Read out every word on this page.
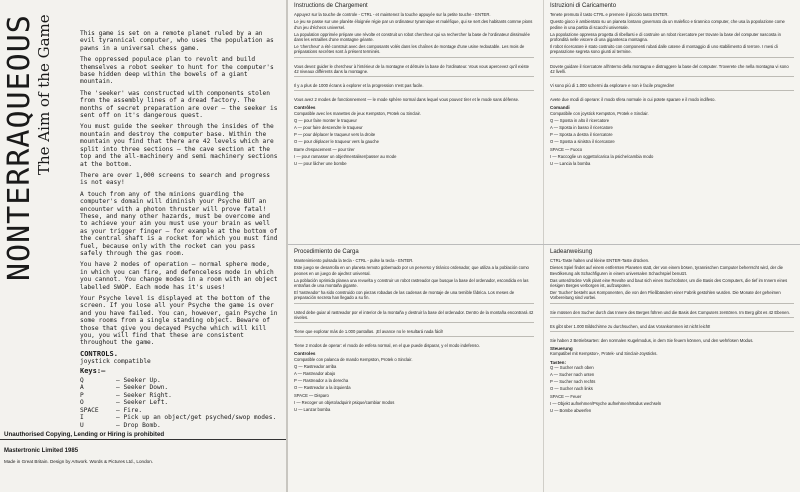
NONTERRAQUEOUS
The Aim of the Game	This game is set on a remote planet ruled by a an evil tyrannical computer, who uses the population as pawns in a universal chess game.

The oppressed populace plan to revolt and build themselves a robot seeker to hunt for the computer's base hidden deep within the bowels of a giant mountain.

The 'seeker' was constructed with components stolen from the assembly lines of a dread factory. The months of secret preparation are over — the seeker is sent off on it's dangerous quest.

You must guide the seeker through the insides of the mountain and destroy the computer base. Within the mountain you find that there are 42 levels which are split into three sections — the cave section at the top and the all-machinery and semi machinery sections at the bottom.

There are over 1,000 screens to search and progress is not easy!

A touch from any of the minions guarding the computer's domain will diminish your Psyche BUT an encounter with a photon thruster will prove fatal! These, and many other hazards, must be overcome and to achieve your aim you must use your brain as well as your trigger finger — for example at the bottom of the central shaft is a rocket for which you must find fuel, because only with the rocket can you pass safely through the gas room.

You have 2 modes of operation — normal sphere mode, in which you can fire, and defenceless mode in which you cannot. You change modes in a room with an object labelled SWOP. Each mode has it's uses!

Your Psyche level is displayed at the bottom of the screen. If you lose all your Psyche the game is over and you have failed. You can, however, gain Psyche in some rooms from a single standing object. Beware of those that give you decayed Psyche which will kill you, you will find that these are consistent throughout the game.

CONTROLS.
joystick compatible
Keys:—
Q	— Seeker Up.
A	— Seeker Down.
P	— Seeker Right.
O	— Seeker Left.
SPACE	— Fire.
I	— Pick up an object/get psyched/swop modes.
U	— Drop Bomb.
Unauthorised Copying, Lending or Hiring is prohibited
Mastertronic Limited 1985
Made in Great Britain. Design by Artwork. Words & Pictures Ltd., London.
Instructions de Chargement

Appuyez sur la touche de controle - CTRL - et maintenez la touche appuyée sur la petite touche - ENTER.

Le jeu se passe sur une planète éloignée régie par un ordinateur tyrannique et maléfique, qui se sert des habitants comme pions d'un jeu d'échecs universel.

La population opprimée prépare une révolte et construit un robot chercheur qui va rechercher la base de l'ordinateur dissimulée dans les entrailles d'une montagne géante.

Le 'chercheur' a été construit avec des composants volés dans les chaînes de montage d'une usine redoutable. Les mois de préparations secrètes sont à présent terminés.

Vous devez guider le chercheur à l'intérieur de la montagne et détruire la base de l'ordinateur. Vous vous apercevez qu'il existe 42 niveaux différents dans la montagne.

Il y a plus de 1000 écrans à explorer et la progression n'est pas facile.

Vous avez 2 modes de fonctionnement — le mode sphère normal dans lequel vous pouvez tirer et le mode sans défense.

Contrôles

Compatible avec les manettes de jeux Kempston, Protek ou Sinclair.

Q — pour faire monter le traqueur

A — pour faire descendre le traqueur

P — pour déplacer le traqueur vers la droite

O — pour déplacer le traqueur vers la gauche

Barre d'espacement — pour tirer

I — pour ramasser un objet/mentaliser/passer au mode

U — pour lâcher une bombe

Istruzioni di Caricamento

Tenete premuto il tasto CTRL e premere il piccolo tasto ENTER.

Questo gioco è ambientato su un pianeta lontano governato da un malefico e tirannico computer, che usa la popolazione come pedine in una partita di scacchi universale.

La popolazione oppressa progetta di ribellarsi e di costruire un robot ricercatore per trovare la base del computer nascosta in profondità nelle viscere di una gigantesca montagna.

Il robot ricercatore è stato costruito con componenti rubati dalle catene di montaggio di uno stabilimento di terrore. I mesi di preparazione segreta sono giunti al termine.

Dovete guidare il ricercatore all'interno della montagna e distruggere la base del computer. Troverete che nella montagna vi sono 42 livelli.

Vi sono più di 1.000 schermi da esplorare e non è facile progredire!

Avete due modi di operare: il modo sfera normale in cui potete sparare e il modo indifeso.

Comandi

Compatibile con joystick Kempston, Protek e Sinclair.

Q — Sposta in alto il ricercatore

A — Sposta in basso il ricercatore

P — Sposta a destra il ricercatore

O — Sposta a sinistra il ricercatore

SPACE — Fuoco

I — Raccoglie un oggetto/carica la psiche/cambia modo

U — Lancia la bomba

Procedimiento de Carga

Mantenimiento pulsada la tecla - CTRL - pulse la tecla - ENTER.

Este juego se desarrolla en un planeta remoto gobernado por un perverso y tiránico ordenador, que utiliza a la población como peones en un juego de ajedrez universal.

La población oprimida planea una revuelta y construir un robot rastreador que busque la base del ordenador, escondida en las entrañas de una montaña gigante.

El 'rastreador' ha sido construido con piezas robadas de las cadenas de montaje de una temible fábrica. Los meses de preparación secreta han llegado a su fin.

Usted debe guiar al rastreador por el interior de la montaña y destruir la base del ordenador. Dentro de la montaña encontrará 42 niveles.

Tiene que explorar más de 1.000 pantallas. ¡El avance no le resultará nada fácil!

Tiene 2 modos de operar: el modo de esfera normal, en el que puede disparar, y el modo indefenso.

Controles

Compatible con palanca de mando Kempston, Protek o Sinclair.

Q — Rastreador arriba

A — Rastreador abajo

P — Rastreador a la derecha

O — Rastreador a la izquierda

SPACE — Disparo

I — Recoger un objeto/adquirir psique/cambiar modos

U — Lanzar bomba

Ladeanweisung

CTRL-Taste halten und kleine ENTER-Taste drücken.

Dieses Spiel findet auf einem entfernten Planeten statt, der von einem bösen, tyrannischen Computer beherrscht wird, der die Bevölkerung als Schachfiguren in einem universalen Schachspiel benutzt.

Das unterdrückte Volk plant eine Revolte und baut sich einen Suchroboter, um die Basis des Computers, die tief im Innern eines riesigen Berges verborgen ist, aufzuspüren.

Der 'Sucher' besteht aus Komponenten, die von den Fließbändern einer Fabrik gestohlen wurden. Die Monate der geheimen Vorbereitung sind vorbei.

Sie müssen den Sucher durch das Innere des Berges führen und die Basis des Computers zerstören. Im Berg gibt es 42 Ebenen.

Es gibt über 1.000 Bildschirme zu durchsuchen, und das Vorankommen ist nicht leicht!

Sie haben 2 Betriebsarten: den normalen Kugelmodus, in dem Sie feuern können, und den wehrlosen Modus.

Steuerung

Kompatibel mit Kempston-, Protek- und Sinclair-Joysticks.

Tasten:

Q — Sucher nach oben

A — Sucher nach unten

P — Sucher nach rechts

O — Sucher nach links

SPACE — Feuer

I — Objekt aufnehmen/Psyche aufnehmen/Modus wechseln

U — Bombe abwerfen
